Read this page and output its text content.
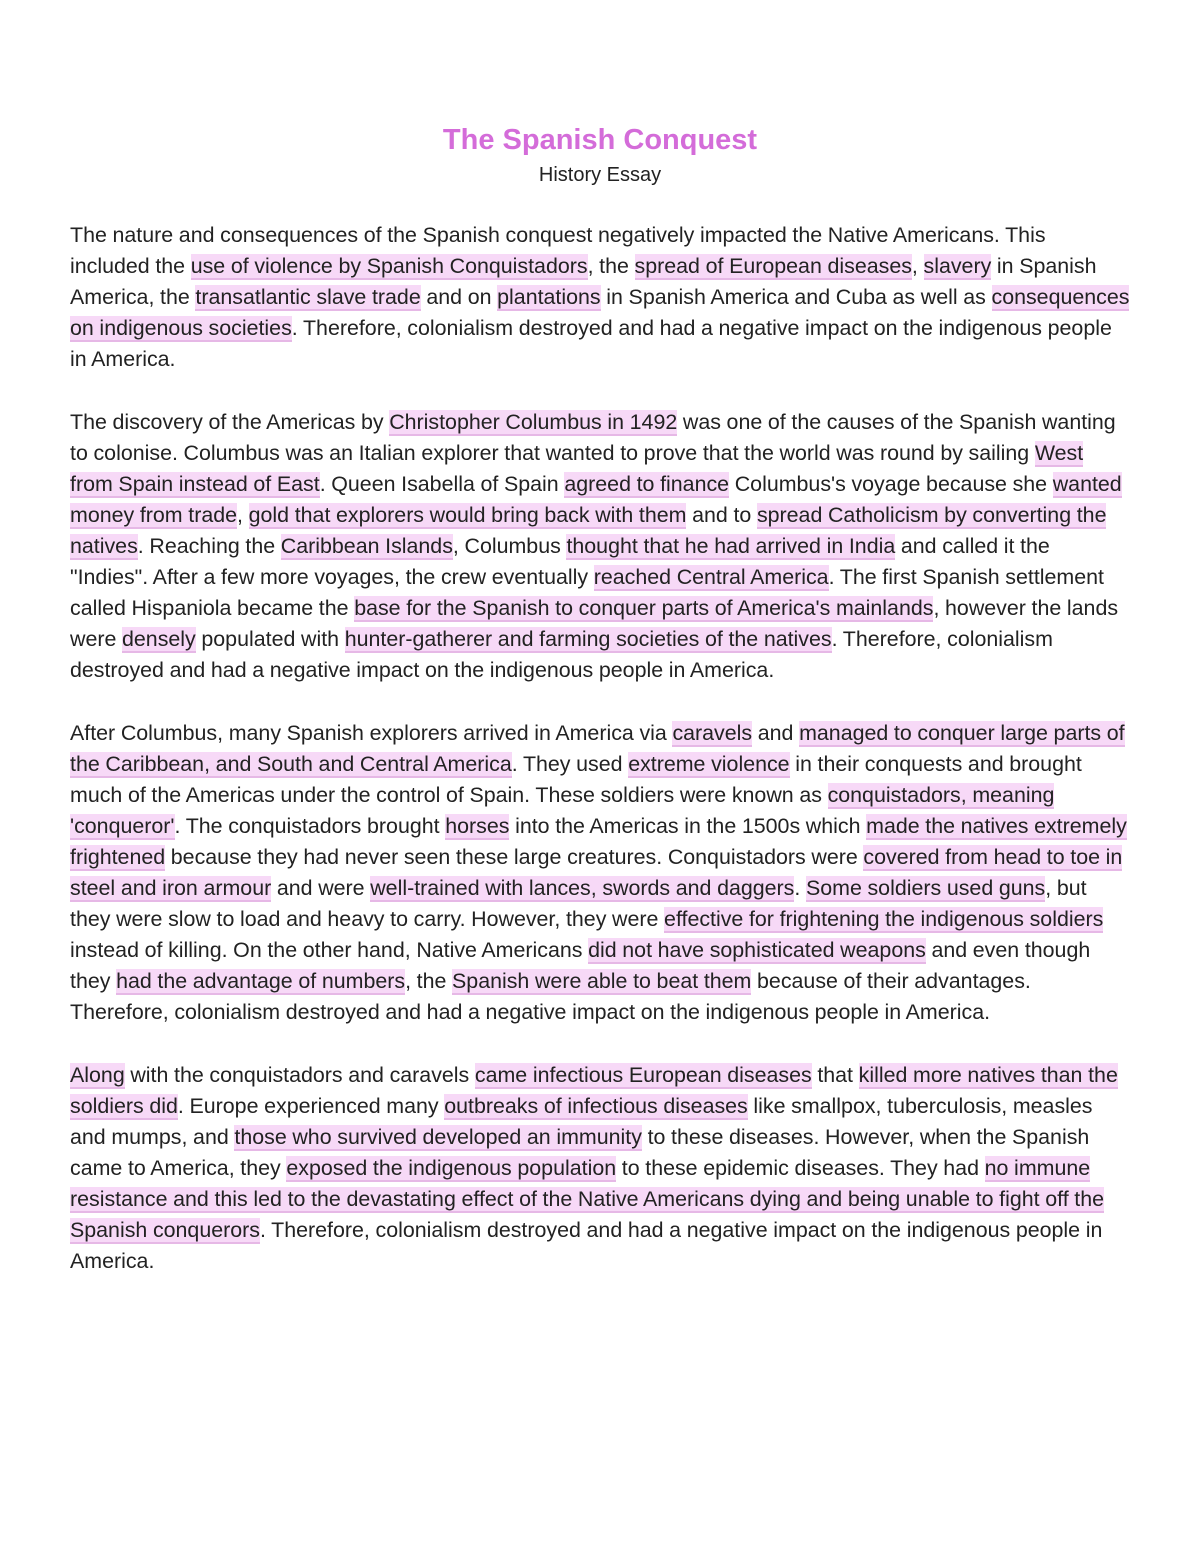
The Spanish Conquest

History Essay

The nature and consequences of the Spanish conquest negatively impacted the Native Americans. This included the use of violence by Spanish Conquistadors, the spread of European diseases, slavery in Spanish America, the transatlantic slave trade and on plantations in Spanish America and Cuba as well as consequences on indigenous societies. Therefore, colonialism destroyed and had a negative impact on the indigenous people in America.

The discovery of the Americas by Christopher Columbus in 1492 was one of the causes of the Spanish wanting to colonise. Columbus was an Italian explorer that wanted to prove that the world was round by sailing West from Spain instead of East. Queen Isabella of Spain agreed to finance Columbus's voyage because she wanted money from trade, gold that explorers would bring back with them and to spread Catholicism by converting the natives. Reaching the Caribbean Islands, Columbus thought that he had arrived in India and called it the "Indies". After a few more voyages, the crew eventually reached Central America. The first Spanish settlement called Hispaniola became the base for the Spanish to conquer parts of America's mainlands, however the lands were densely populated with hunter-gatherer and farming societies of the natives. Therefore, colonialism destroyed and had a negative impact on the indigenous people in America.

After Columbus, many Spanish explorers arrived in America via caravels and managed to conquer large parts of the Caribbean, and South and Central America. They used extreme violence in their conquests and brought much of the Americas under the control of Spain. These soldiers were known as conquistadors, meaning 'conqueror'. The conquistadors brought horses into the Americas in the 1500s which made the natives extremely frightened because they had never seen these large creatures. Conquistadors were covered from head to toe in steel and iron armour and were well-trained with lances, swords and daggers. Some soldiers used guns, but they were slow to load and heavy to carry. However, they were effective for frightening the indigenous soldiers instead of killing. On the other hand, Native Americans did not have sophisticated weapons and even though they had the advantage of numbers, the Spanish were able to beat them because of their advantages. Therefore, colonialism destroyed and had a negative impact on the indigenous people in America.

Along with the conquistadors and caravels came infectious European diseases that killed more natives than the soldiers did. Europe experienced many outbreaks of infectious diseases like smallpox, tuberculosis, measles and mumps, and those who survived developed an immunity to these diseases. However, when the Spanish came to America, they exposed the indigenous population to these epidemic diseases. They had no immune resistance and this led to the devastating effect of the Native Americans dying and being unable to fight off the Spanish conquerors. Therefore, colonialism destroyed and had a negative impact on the indigenous people in America.
